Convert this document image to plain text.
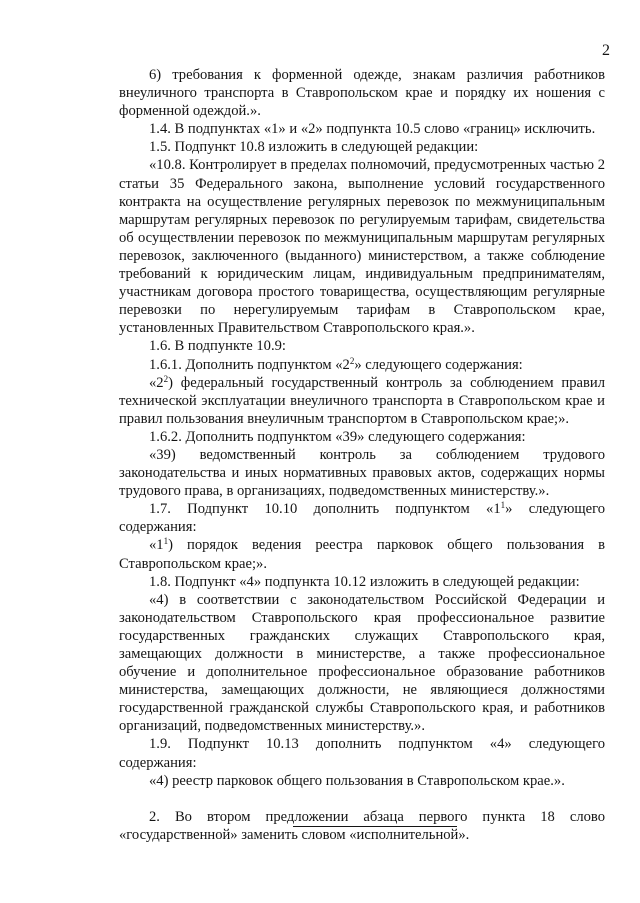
2

6) требования к форменной одежде, знакам различия работников внеуличного транспорта в Ставропольском крае и порядку их ношения с форменной одеждой.».

1.4. В подпунктах «1» и «2» подпункта 10.5 слово «границ» исключить.

1.5. Подпункт 10.8 изложить в следующей редакции:

«10.8. Контролирует в пределах полномочий, предусмотренных частью 2 статьи 35 Федерального закона, выполнение условий государственного контракта на осуществление регулярных перевозок по межмуниципальным маршрутам регулярных перевозок по регулируемым тарифам, свидетельства об осуществлении перевозок по межмуниципальным маршрутам регулярных перевозок, заключенного (выданного) министерством, а также соблюдение требований к юридическим лицам, индивидуальным предпринимателям, участникам договора простого товарищества, осуществляющим регулярные перевозки по нерегулируемым тарифам в Ставропольском крае, установленных Правительством Ставропольского края.».

1.6. В подпункте 10.9:

1.6.1. Дополнить подпунктом «$2^2$» следующего содержания:

«$2^2$) федеральный государственный контроль за соблюдением правил технической эксплуатации внеуличного транспорта в Ставропольском крае и правил пользования внеуличным транспортом в Ставропольском крае;».

1.6.2. Дополнить подпунктом «39» следующего содержания:

«39) ведомственный контроль за соблюдением трудового законодательства и иных нормативных правовых актов, содержащих нормы трудового права, в организациях, подведомственных министерству.».

1.7. Подпункт 10.10 дополнить подпунктом «$1^1$» следующего содержания:

«$1^1$) порядок ведения реестра парковок общего пользования в Ставропольском крае;».

1.8. Подпункт «4» подпункта 10.12 изложить в следующей редакции:

«4) в соответствии с законодательством Российской Федерации и законодательством Ставропольского края профессиональное развитие государственных гражданских служащих Ставропольского края, замещающих должности в министерстве, а также профессиональное обучение и дополнительное профессиональное образование работников министерства, замещающих должности, не являющиеся должностями государственной гражданской службы Ставропольского края, и работников организаций, подведомственных министерству.».

1.9. Подпункт 10.13 дополнить подпунктом «4» следующего содержания:

«4) реестр парковок общего пользования в Ставропольском крае.».

2. Во втором предложении абзаца первого пункта 18 слово «государственной» заменить словом «исполнительной».
